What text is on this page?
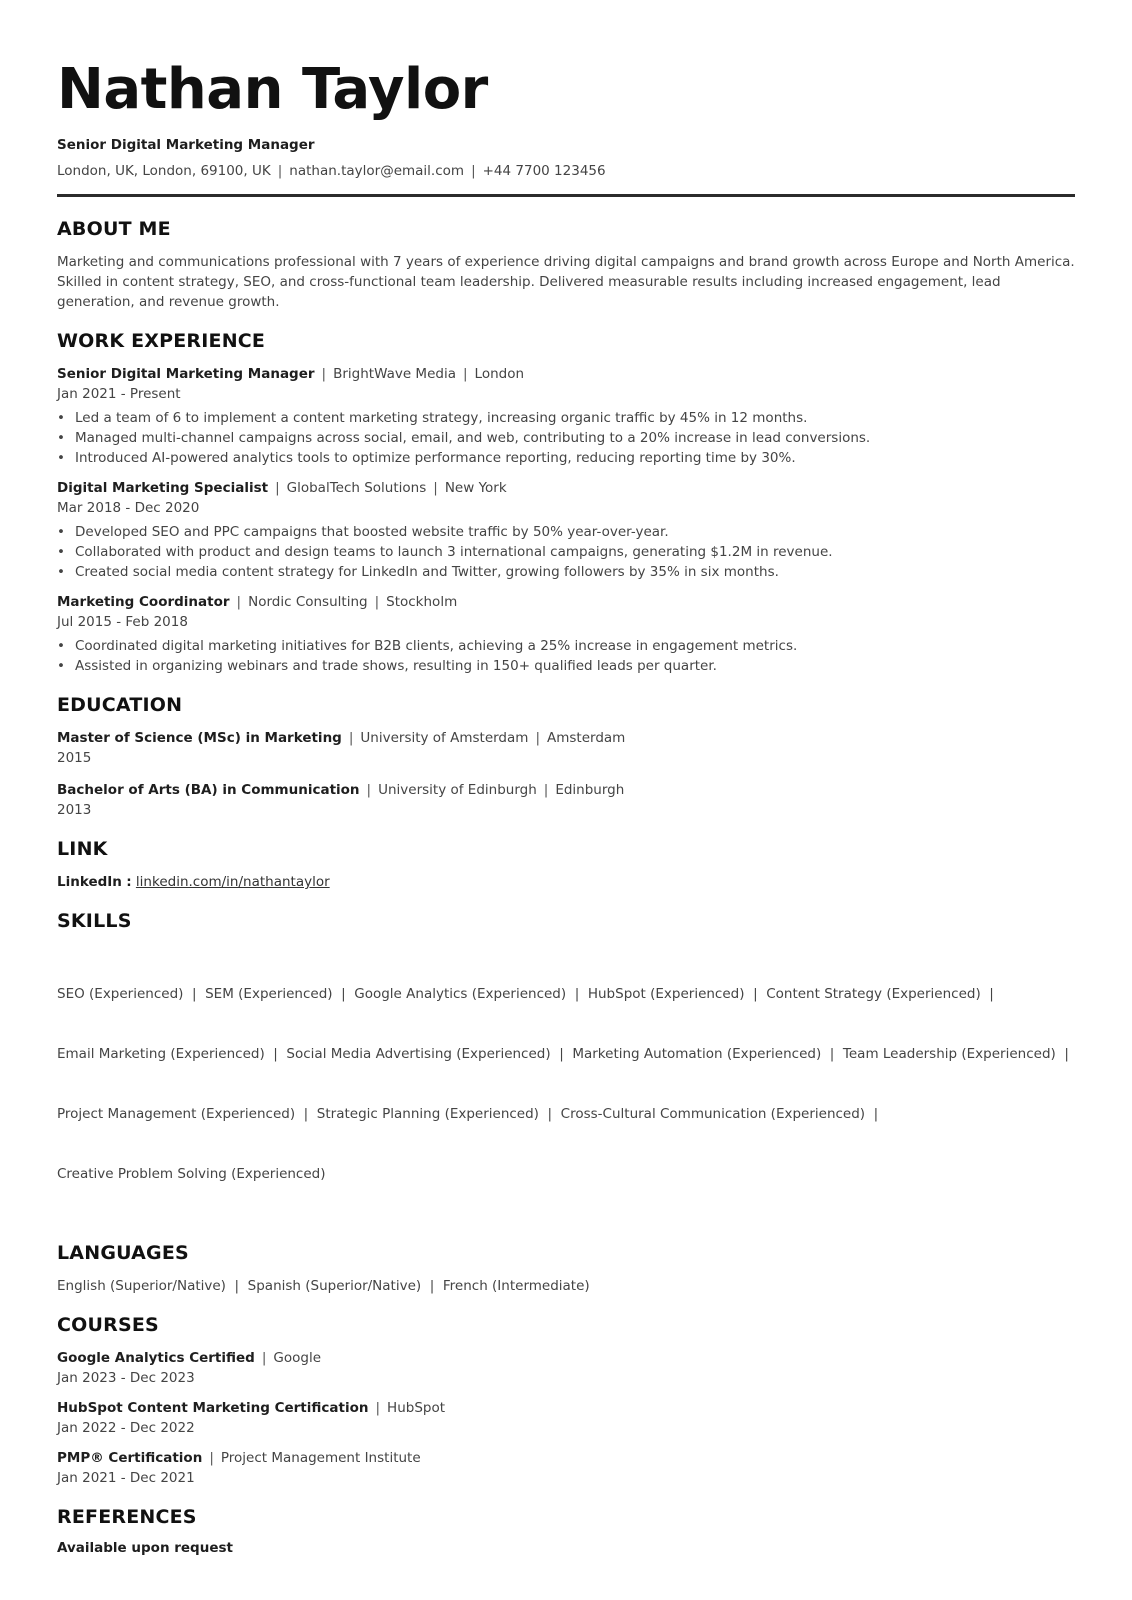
Nathan Taylor
Senior Digital Marketing Manager
London, UK, London, 69100, UK | nathan.taylor@email.com | +44 7700 123456
ABOUT ME

Marketing and communications professional with 7 years of experience driving digital campaigns and brand growth across Europe and North America. Skilled in content strategy, SEO, and cross-functional team leadership. Delivered measurable results including increased engagement, lead generation, and revenue growth.

WORK EXPERIENCE
Senior Digital Marketing Manager | BrightWave Media | London
Jan 2021 - Present
• Led a team of 6 to implement a content marketing strategy, increasing organic traffic by 45% in 12 months.
• Managed multi-channel campaigns across social, email, and web, contributing to a 20% increase in lead conversions.
• Introduced AI-powered analytics tools to optimize performance reporting, reducing reporting time by 30%.
Digital Marketing Specialist | GlobalTech Solutions | New York
Mar 2018 - Dec 2020
• Developed SEO and PPC campaigns that boosted website traffic by 50% year-over-year.
• Collaborated with product and design teams to launch 3 international campaigns, generating $1.2M in revenue.
• Created social media content strategy for LinkedIn and Twitter, growing followers by 35% in six months.
Marketing Coordinator | Nordic Consulting | Stockholm
Jul 2015 - Feb 2018
• Coordinated digital marketing initiatives for B2B clients, achieving a 25% increase in engagement metrics.
• Assisted in organizing webinars and trade shows, resulting in 150+ qualified leads per quarter.
EDUCATION
Master of Science (MSc) in Marketing | University of Amsterdam | Amsterdam
2015
Bachelor of Arts (BA) in Communication | University of Edinburgh | Edinburgh
2013
LINK
LinkedIn : linkedin.com/in/nathantaylor
SKILLS

SEO (Experienced)  |  SEM (Experienced)  |  Google Analytics (Experienced)  |  HubSpot (Experienced)  |  Content Strategy (Experienced)  |

Email Marketing (Experienced)  |  Social Media Advertising (Experienced)  |  Marketing Automation (Experienced)  |  Team Leadership (Experienced)  |

Project Management (Experienced)  |  Strategic Planning (Experienced)  |  Cross-Cultural Communication (Experienced)  |

Creative Problem Solving (Experienced)

LANGUAGES
English (Superior/Native)  |  Spanish (Superior/Native)  |  French (Intermediate)
COURSES
Google Analytics Certified | Google
Jan 2023 - Dec 2023
HubSpot Content Marketing Certification | HubSpot
Jan 2022 - Dec 2022
PMP® Certification | Project Management Institute
Jan 2021 - Dec 2021
REFERENCES
Available upon request
